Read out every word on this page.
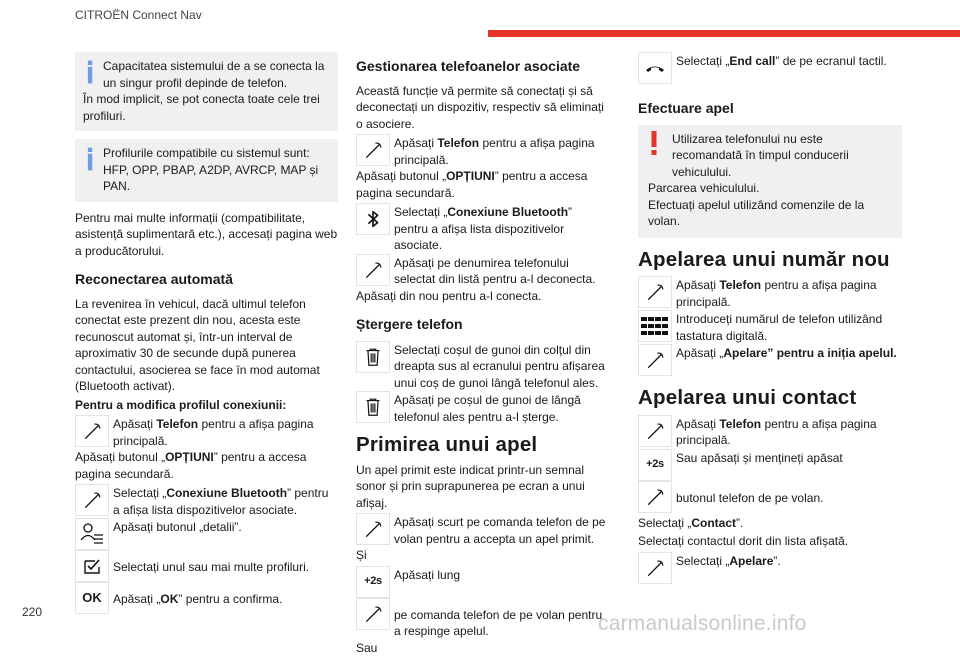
CITROËN Connect Nav
Capacitatea sistemului de a se conecta la un singur profil depinde de telefon.
În mod implicit, se pot conecta toate cele trei profiluri.
Profilurile compatibile cu sistemul sunt: HFP, OPP, PBAP, A2DP, AVRCP, MAP și PAN.

Pentru mai multe informații (compatibilitate, asistență suplimentară etc.), accesați pagina web a producătorului.

Reconectarea automată

La revenirea în vehicul, dacă ultimul telefon conectat este prezent din nou, acesta este recunoscut automat și, într-un interval de aproximativ 30 de secunde după punerea contactului, asocierea se face în mod automat (Bluetooth activat).

Pentru a modifica profilul conexiunii:
Apăsați Telefon pentru a afișa pagina principală.
Apăsați butonul „OPȚIUNI” pentru a accesa pagina secundară.
Selectați „Conexiune Bluetooth” pentru a afișa lista dispozitivelor asociate.
Apăsați butonul „detalii”.
Selectați unul sau mai multe profiluri.
OK Apăsați „OK” pentru a confirma.
Gestionarea telefoanelor asociate

Această funcție vă permite să conectați și să deconectați un dispozitiv, respectiv să eliminați o asociere.

Apăsați Telefon pentru a afișa pagina principală.
Apăsați butonul „OPȚIUNI” pentru a accesa pagina secundară.
Selectați „Conexiune Bluetooth” pentru a afișa lista dispozitivelor asociate.
Apăsați pe denumirea telefonului selectat din listă pentru a-l deconecta.
Apăsați din nou pentru a-l conecta.
Ștergere telefon
Selectați coșul de gunoi din colțul din dreapta sus al ecranului pentru afișarea unui coș de gunoi lângă telefonul ales.
Apăsați pe coșul de gunoi de lângă telefonul ales pentru a-l șterge.
Primirea unui apel

Un apel primit este indicat printr-un semnal sonor și prin suprapunerea pe ecran a unui afișaj.

Apăsați scurt pe comanda telefon de pe volan pentru a accepta un apel primit.
Și
+2s	Apăsați lung
pe comanda telefon de pe volan pentru a respinge apelul.
Sau
Selectați „End call” de pe ecranul tactil.
Efectuare apel
Utilizarea telefonului nu este recomandată în timpul conducerii vehiculului.
Parcarea vehiculului.
Efectuați apelul utilizând comenzile de la volan.
Apelarea unui număr nou
Apăsați Telefon pentru a afișa pagina principală.
Introduceți numărul de telefon utilizând tastatura digitală.
Apăsați „Apelare” pentru a iniția apelul.
Apelarea unui contact
Apăsați Telefon pentru a afișa pagina principală.
+2s	Sau apăsați și mențineți apăsat
butonul telefon de pe volan.
Selectați „Contact”.
Selectați contactul dorit din lista afișată.
Selectați „Apelare”.
220	carmanualsonline.info
